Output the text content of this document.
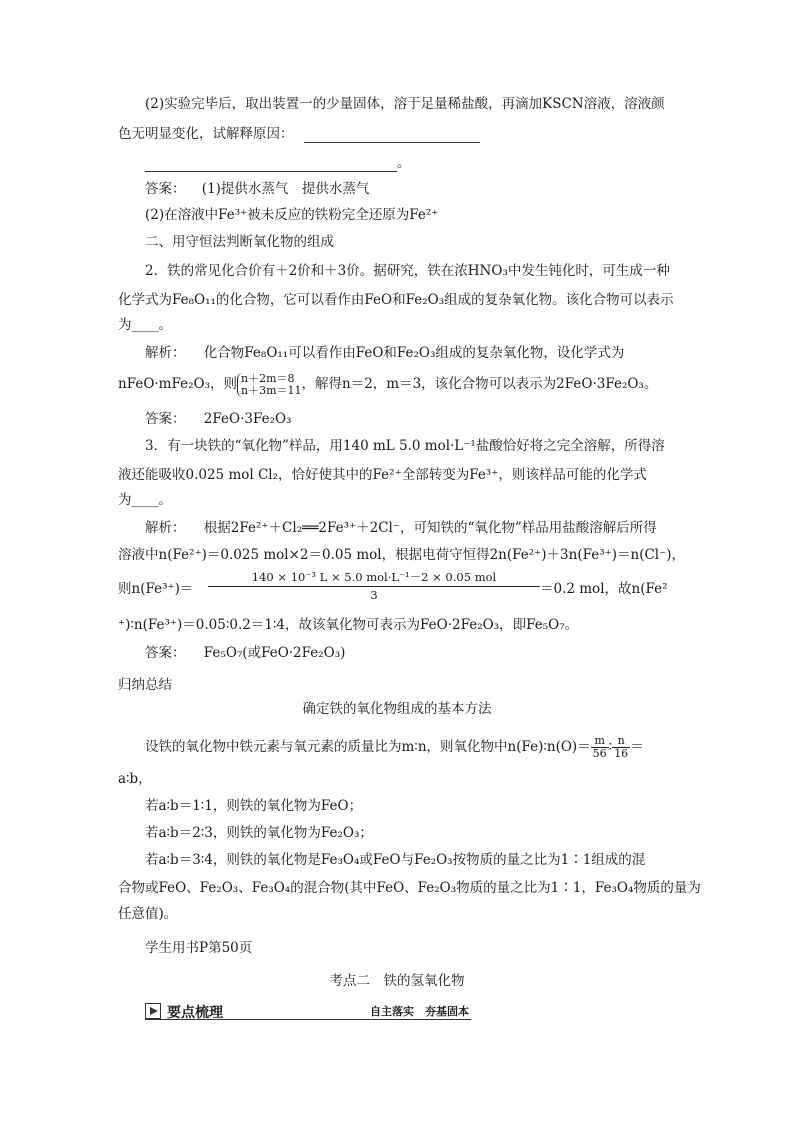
(2)实验完毕后，取出装置一的少量固体，溶于足量稀盐酸，再滴加KSCN溶液，溶液颜
色无明显变化，试解释原因：
。
答案： (1)提供水蒸气　提供水蒸气
(2)在溶液中Fe³⁺被未反应的铁粉完全还原为Fe²⁺
二、用守恒法判断氧化物的组成
2．铁的常见化合价有＋2价和＋3价。据研究，铁在浓HNO₃中发生钝化时，可生成一种
化学式为Fe₈O₁₁的化合物，它可以看作由FeO和Fe₂O₃组成的复杂氧化物。该化合物可以表示
为____。
解析： 化合物Fe₈O₁₁可以看作由FeO和Fe₂O₃组成的复杂氧化物，设化学式为
nFeO·mFe₂O₃，则 n＋2m＝8
n＋3m＝11 ，解得n＝2，m＝3，该化合物可以表示为2FeO·3Fe₂O₃。
答案： 2FeO·3Fe₂O₃
3．有一块铁的“氧化物”样品，用140 mL 5.0 mol·L⁻¹盐酸恰好将之完全溶解，所得溶
液还能吸收0.025 mol Cl₂，恰好使其中的Fe²⁺全部转变为Fe³⁺，则该样品可能的化学式
为____。
解析： 根据2Fe²⁺＋Cl₂══2Fe³⁺＋2Cl⁻，可知铁的“氧化物”样品用盐酸溶解后所得
溶液中n(Fe²⁺)＝0.025 mol×2＝0.05 mol，根据电荷守恒得2n(Fe²⁺)＋3n(Fe³⁺)＝n(Cl⁻)，
则n(Fe³⁺)＝
140 × 10⁻³ L × 5.0 mol·L⁻¹－2 × 0.05 mol
3	＝0.2 mol，故n(Fe²
⁺)∶n(Fe³⁺)＝0.05∶0.2＝1∶4，故该氧化物可表示为FeO·2Fe₂O₃，即Fe₅O₇。
答案： Fe₅O₇(或FeO·2Fe₂O₃)
归纳总结
确定铁的氧化物组成的基本方法
设铁的氧化物中铁元素与氧元素的质量比为m∶n，则氧化物中n(Fe)∶n(O)＝ $\frac{m}{56}$ ∶ $\frac{n}{16}$ ＝
a∶b，
若a∶b＝1∶1，则铁的氧化物为FeO；
若a∶b＝2∶3，则铁的氧化物为Fe₂O₃；
若a∶b＝3∶4，则铁的氧化物是Fe₃O₄或FeO与Fe₂O₃按物质的量之比为1∶1组成的混
合物或FeO、Fe₂O₃、Fe₃O₄的混合物(其中FeO、Fe₂O₃物质的量之比为1∶1，Fe₃O₄物质的量为
任意值)。
学生用书P第50页
考点二　铁的氢氧化物
要点梳理	自主落实　夯基固本
